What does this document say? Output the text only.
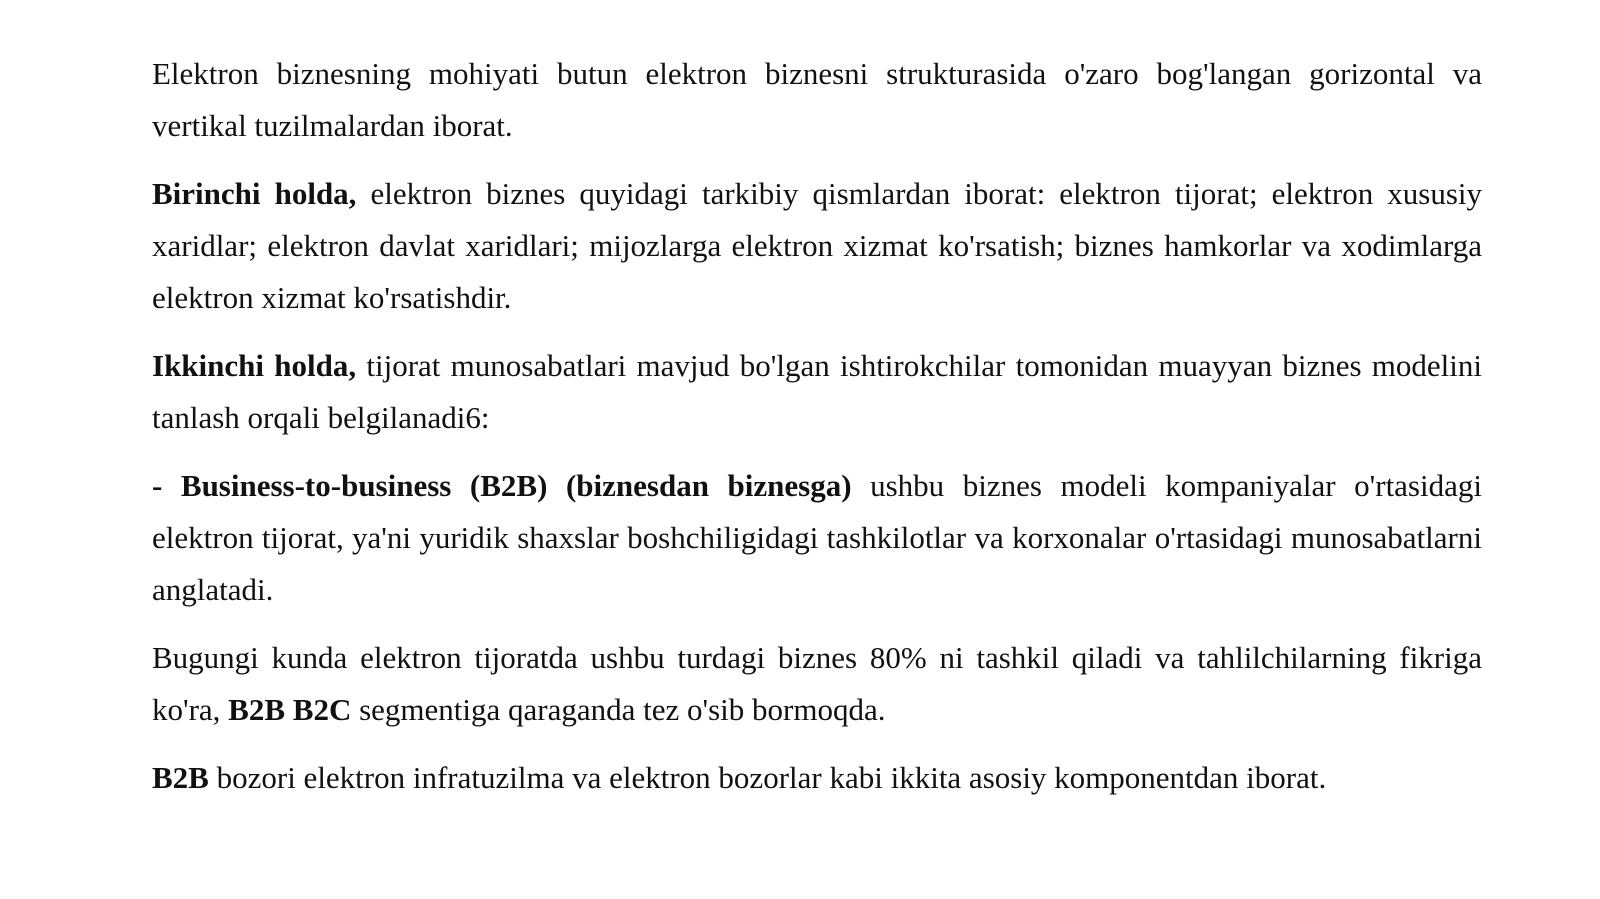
Elektron biznesning mohiyati butun elektron biznesni strukturasida o'zaro bog'langan gorizontal va vertikal tuzilmalardan iborat.

Birinchi holda, elektron biznes quyidagi tarkibiy qismlardan iborat: elektron tijorat; elektron xususiy xaridlar; elektron davlat xaridlari; mijozlarga elektron xizmat ko'rsatish; biznes hamkorlar va xodimlarga elektron xizmat ko'rsatishdir.

Ikkinchi holda, tijorat munosabatlari mavjud bo'lgan ishtirokchilar tomonidan muayyan biznes modelini tanlash orqali belgilanadi6:

- Business-to-business (B2B) (biznesdan biznesga) ushbu biznes modeli kompaniyalar o'rtasidagi elektron tijorat, ya'ni yuridik shaxslar boshchiligidagi tashkilotlar va korxonalar o'rtasidagi munosabatlarni anglatadi.

Bugungi kunda elektron tijoratda ushbu turdagi biznes 80% ni tashkil qiladi va tahlilchilarning fikriga ko'ra, B2B B2C segmentiga qaraganda tez o'sib bormoqda.

B2B bozori elektron infratuzilma va elektron bozorlar kabi ikkita asosiy komponentdan iborat.
